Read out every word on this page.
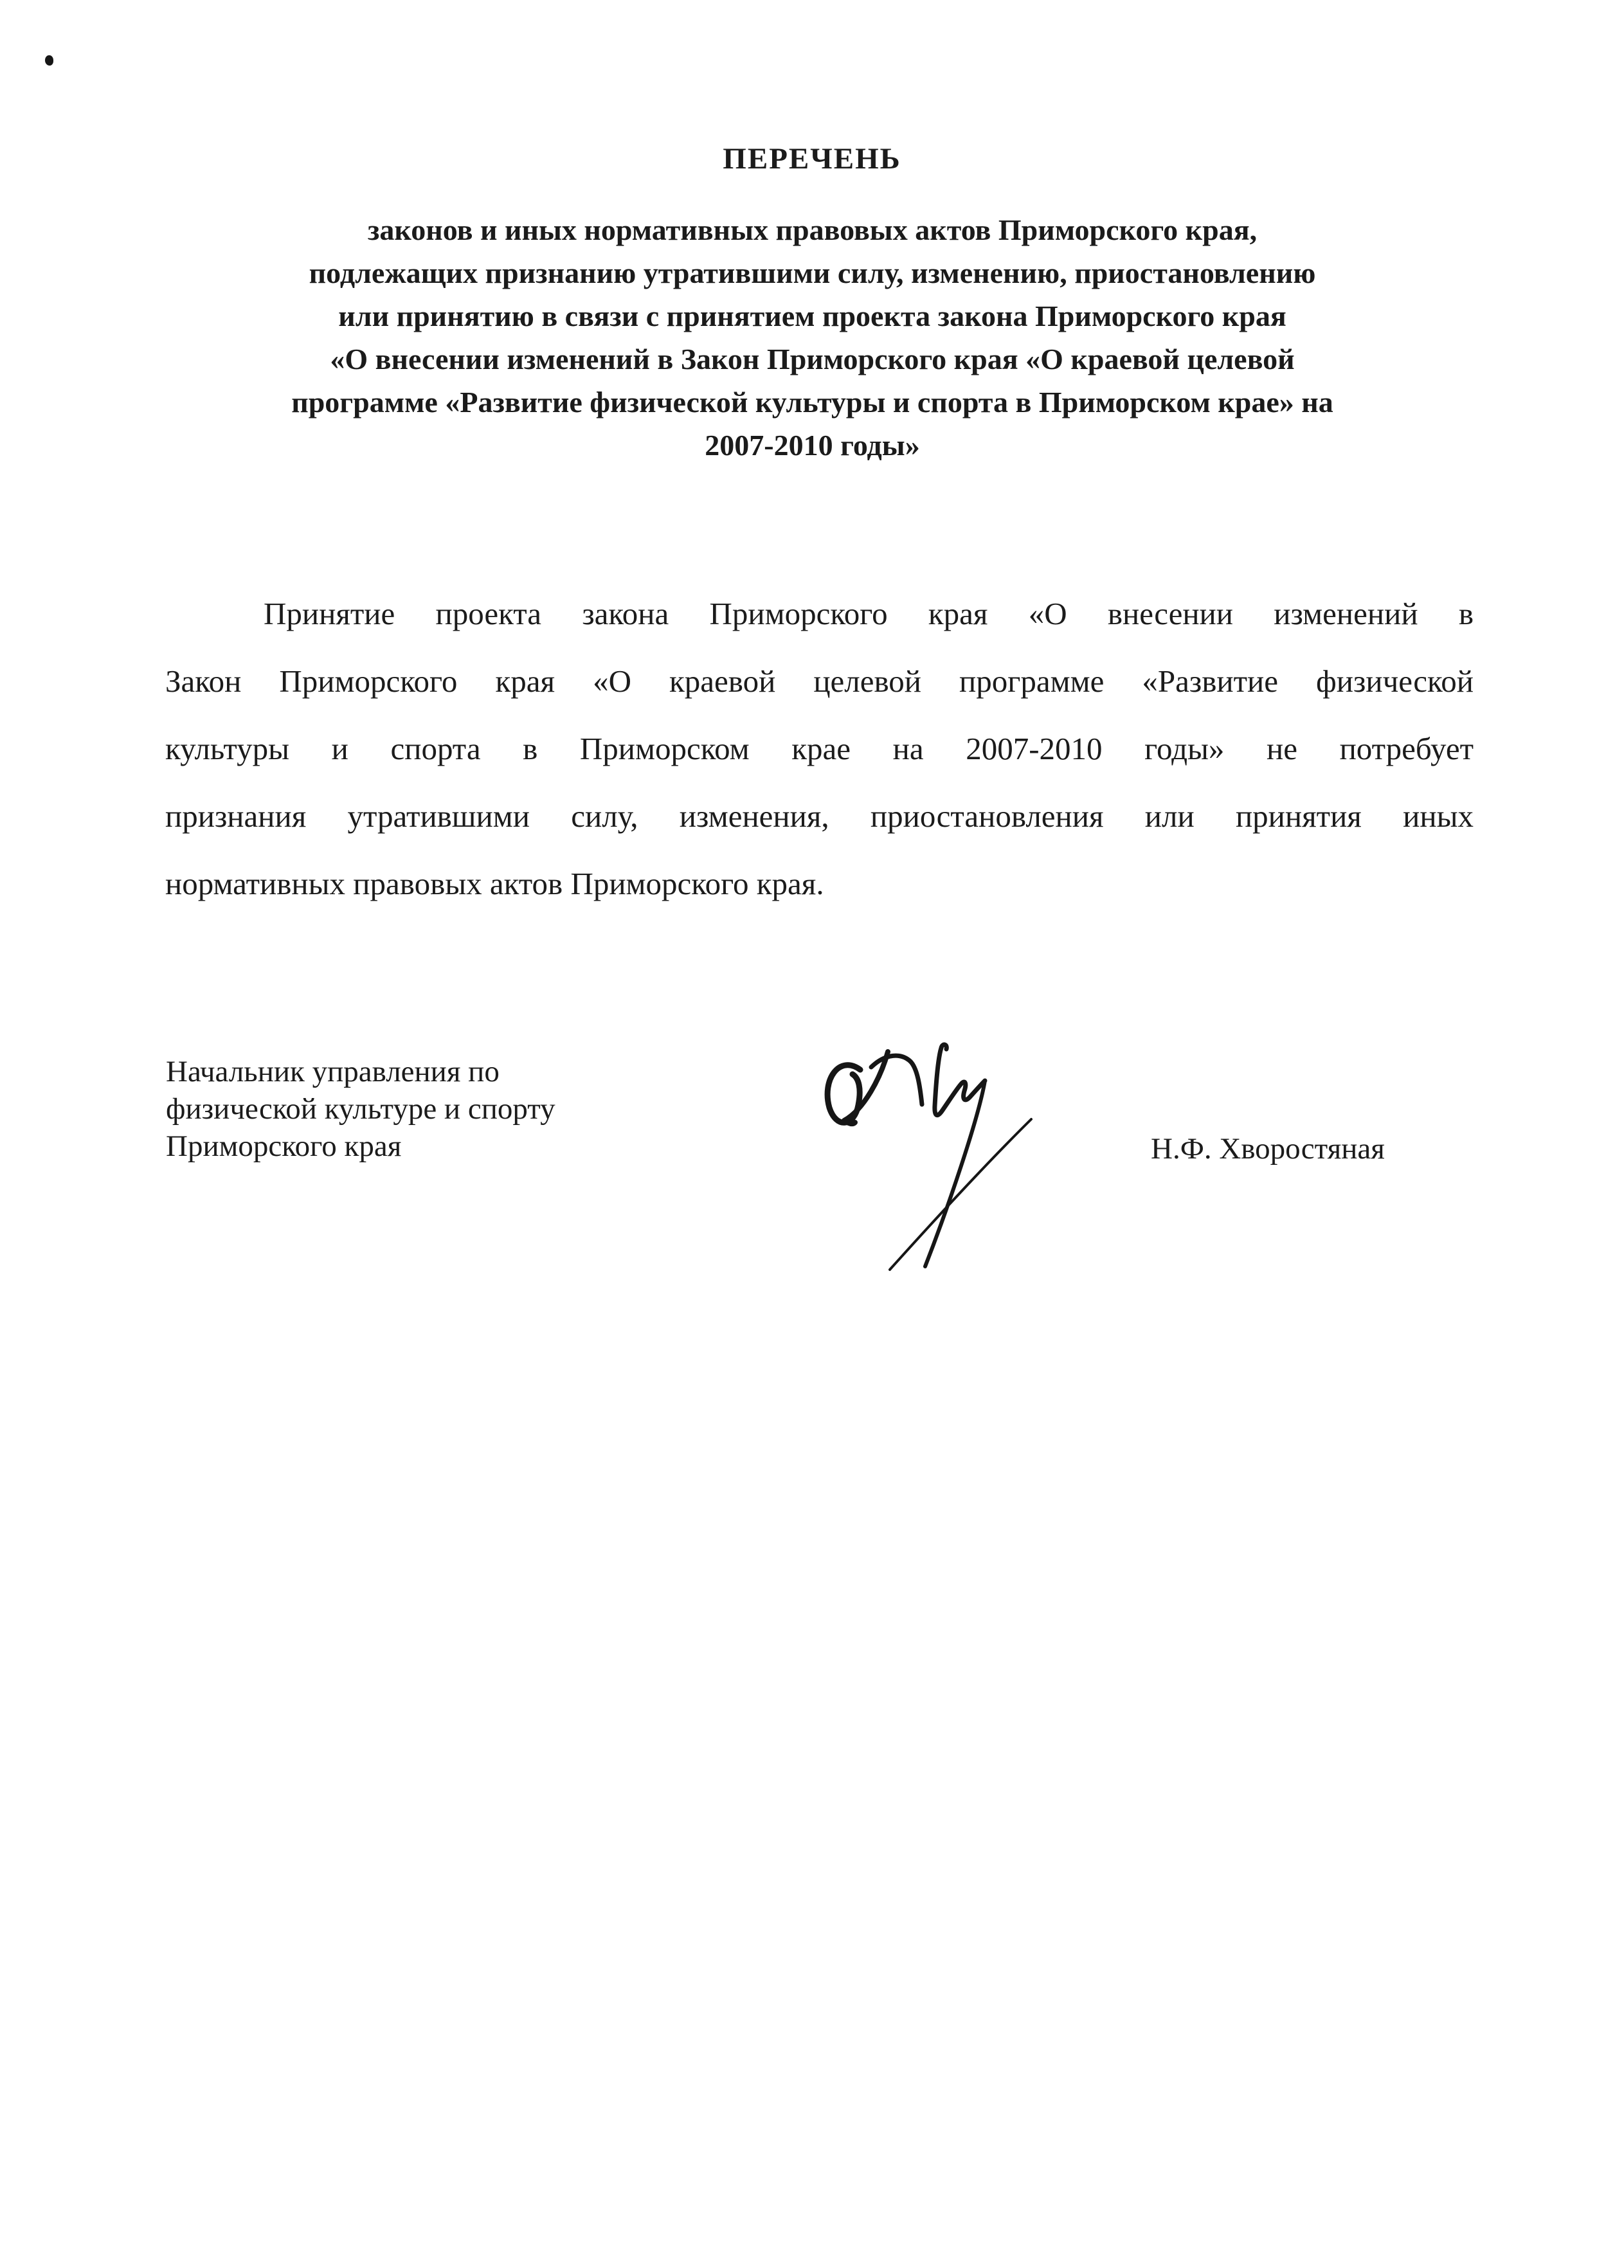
ПЕРЕЧЕНЬ
законов и иных нормативных правовых актов Приморского края,
подлежащих признанию утратившими силу, изменению, приостановлению
или принятию в связи с принятием проекта закона Приморского края
«О внесении изменений в Закон Приморского края «О краевой целевой
программе «Развитие физической культуры и спорта в Приморском крае» на
2007-2010 годы»
Принятие проекта закона Приморского края «О внесении изменений в
Закон Приморского края «О краевой целевой программе «Развитие физической
культуры и спорта в Приморском крае на 2007-2010 годы» не потребует
признания утратившими силу, изменения, приостановления или принятия иных
нормативных правовых актов Приморского края.
Начальник управления по
физической культуре и спорту
Приморского края	Н.Ф. Хворостяная
